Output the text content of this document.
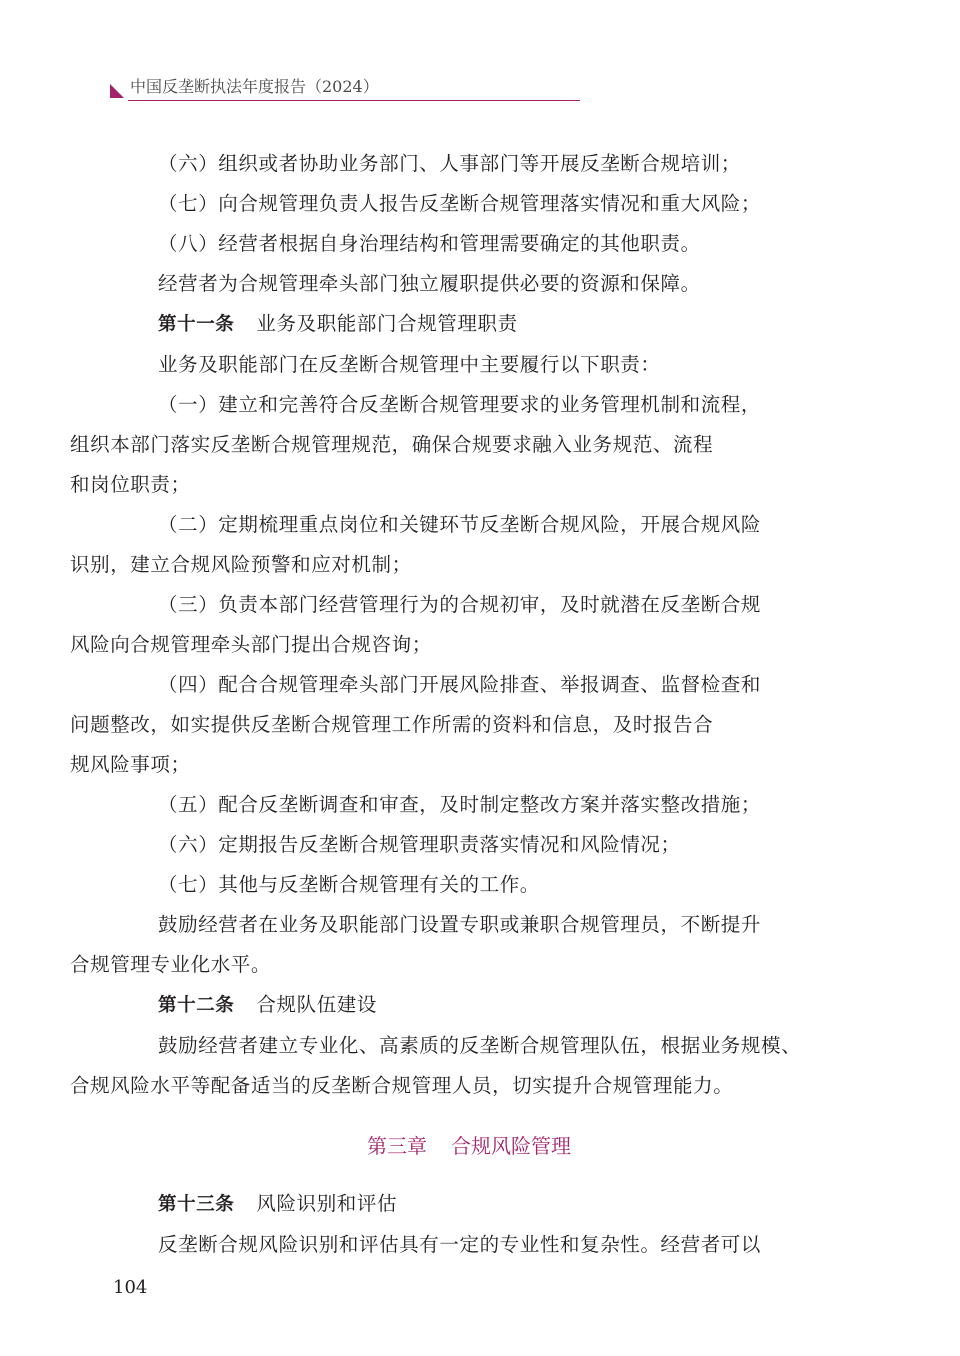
中国反垄断执法年度报告（2024）

（六）组织或者协助业务部门、人事部门等开展反垄断合规培训；

（七）向合规管理负责人报告反垄断合规管理落实情况和重大风险；

（八）经营者根据自身治理结构和管理需要确定的其他职责。

经营者为合规管理牵头部门独立履职提供必要的资源和保障。

第十一条 业务及职能部门合规管理职责

业务及职能部门在反垄断合规管理中主要履行以下职责：

（一）建立和完善符合反垄断合规管理要求的业务管理机制和流程，
组织本部门落实反垄断合规管理规范，确保合规要求融入业务规范、流程
和岗位职责；

（二）定期梳理重点岗位和关键环节反垄断合规风险，开展合规风险
识别，建立合规风险预警和应对机制；

（三）负责本部门经营管理行为的合规初审，及时就潜在反垄断合规
风险向合规管理牵头部门提出合规咨询；

（四）配合合规管理牵头部门开展风险排查、举报调查、监督检查和
问题整改，如实提供反垄断合规管理工作所需的资料和信息，及时报告合
规风险事项；

（五）配合反垄断调查和审查，及时制定整改方案并落实整改措施；

（六）定期报告反垄断合规管理职责落实情况和风险情况；

（七）其他与反垄断合规管理有关的工作。

鼓励经营者在业务及职能部门设置专职或兼职合规管理员，不断提升
合规管理专业化水平。

第十二条 合规队伍建设

鼓励经营者建立专业化、高素质的反垄断合规管理队伍，根据业务规模、
合规风险水平等配备适当的反垄断合规管理人员，切实提升合规管理能力。

第三章 合规风险管理

第十三条 风险识别和评估

反垄断合规风险识别和评估具有一定的专业性和复杂性。经营者可以

104
